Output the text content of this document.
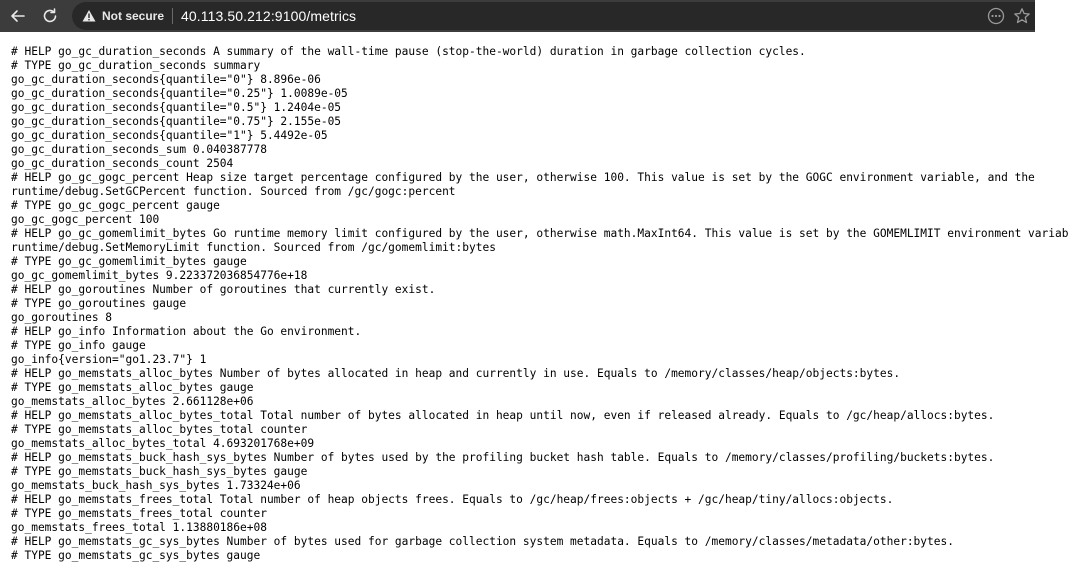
Not secure 40.113.50.212:9100/metrics
# HELP go_gc_duration_seconds A summary of the wall-time pause (stop-the-world) duration in garbage collection cycles.
# TYPE go_gc_duration_seconds summary
go_gc_duration_seconds{quantile="0"} 8.896e-06
go_gc_duration_seconds{quantile="0.25"} 1.0089e-05
go_gc_duration_seconds{quantile="0.5"} 1.2404e-05
go_gc_duration_seconds{quantile="0.75"} 2.155e-05
go_gc_duration_seconds{quantile="1"} 5.4492e-05
go_gc_duration_seconds_sum 0.040387778
go_gc_duration_seconds_count 2504
# HELP go_gc_gogc_percent Heap size target percentage configured by the user, otherwise 100. This value is set by the GOGC environment variable, and the
runtime/debug.SetGCPercent function. Sourced from /gc/gogc:percent
# TYPE go_gc_gogc_percent gauge
go_gc_gogc_percent 100
# HELP go_gc_gomemlimit_bytes Go runtime memory limit configured by the user, otherwise math.MaxInt64. This value is set by the GOMEMLIMIT environment variab
runtime/debug.SetMemoryLimit function. Sourced from /gc/gomemlimit:bytes
# TYPE go_gc_gomemlimit_bytes gauge
go_gc_gomemlimit_bytes 9.223372036854776e+18
# HELP go_goroutines Number of goroutines that currently exist.
# TYPE go_goroutines gauge
go_goroutines 8
# HELP go_info Information about the Go environment.
# TYPE go_info gauge
go_info{version="go1.23.7"} 1
# HELP go_memstats_alloc_bytes Number of bytes allocated in heap and currently in use. Equals to /memory/classes/heap/objects:bytes.
# TYPE go_memstats_alloc_bytes gauge
go_memstats_alloc_bytes 2.661128e+06
# HELP go_memstats_alloc_bytes_total Total number of bytes allocated in heap until now, even if released already. Equals to /gc/heap/allocs:bytes.
# TYPE go_memstats_alloc_bytes_total counter
go_memstats_alloc_bytes_total 4.693201768e+09
# HELP go_memstats_buck_hash_sys_bytes Number of bytes used by the profiling bucket hash table. Equals to /memory/classes/profiling/buckets:bytes.
# TYPE go_memstats_buck_hash_sys_bytes gauge
go_memstats_buck_hash_sys_bytes 1.73324e+06
# HELP go_memstats_frees_total Total number of heap objects frees. Equals to /gc/heap/frees:objects + /gc/heap/tiny/allocs:objects.
# TYPE go_memstats_frees_total counter
go_memstats_frees_total 1.13880186e+08
# HELP go_memstats_gc_sys_bytes Number of bytes used for garbage collection system metadata. Equals to /memory/classes/metadata/other:bytes.
# TYPE go_memstats_gc_sys_bytes gauge
